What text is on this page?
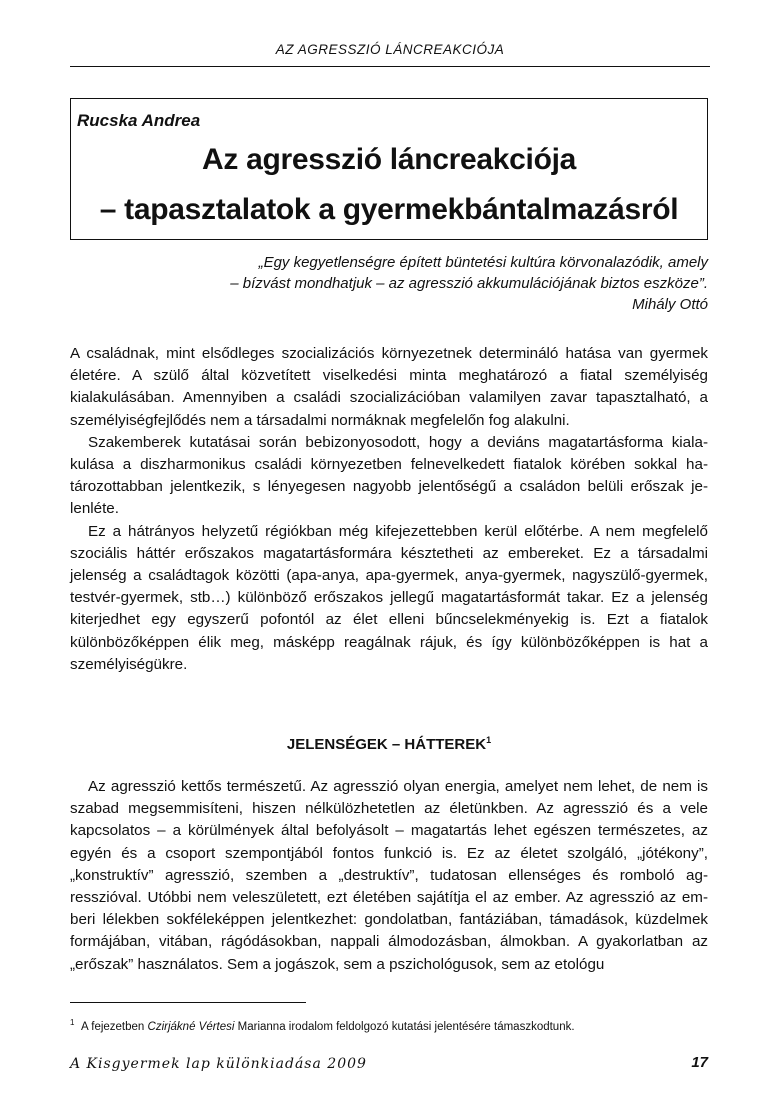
AZ AGRESSZIÓ LÁNCREAKCIÓJA
Rucska Andrea
Az agresszió láncreakciója
– tapasztalatok a gyermekbántalmazásról
„Egy kegyetlenségre épített büntetési kultúra körvonalazódik, amely
– bízvást mondhatjuk – az agresszió akkumulációjának biztos eszköze”.
Mihály Ottó

A családnak, mint elsődleges szocializációs környezetnek determináló hatása van gyermek életére. A szülő által közvetített viselkedési minta meghatározó a fiatal személyiség kialakulásában. Amennyiben a családi szocializációban valamilyen zavar tapasztalható, a személyiségfejlődés nem a társadalmi normáknak megfelelőn fog alakulni.

Szakemberek kutatásai során bebizonyosodott, hogy a deviáns magatartásforma kialakulása a diszharmonikus családi környezetben felnevelkedett fiatalok körében sokkal határozottabban jelentkezik, s lényegesen nagyobb jelentőségű a családon belüli erőszak jelenléte.

Ez a hátrányos helyzetű régiókban még kifejezettebben kerül előtérbe. A nem megfelelő szociális háttér erőszakos magatartásformára késztetheti az embereket. Ez a társadalmi jelenség a családtagok közötti (apa-anya, apa-gyermek, anya-gyermek, nagyszülő-gyermek, testvér-gyermek, stb…) különböző erőszakos jellegű magatartásformát takar. Ez a jelenség kiterjedhet egy egyszerű pofontól az élet elleni bűncselekményekig is. Ezt a fiatalok különbözőképpen élik meg, másképp reagálnak rájuk, és így különbözőképpen is hat a személyiségükre.

JELENSÉGEK – HÁTTEREK$^1$

Az agresszió kettős természetű. Az agresszió olyan energia, amelyet nem lehet, de nem is szabad megsemmisíteni, hiszen nélkülözhetetlen az életünkben. Az agresszió és a vele kapcsolatos – a körülmények által befolyásolt – magatartás lehet egészen természetes, az egyén és a csoport szempontjából fontos funkció is. Ez az életet szolgáló, „jótékony”, „konstruktív” agresszió, szemben a „destruktív”, tudatosan ellenséges és romboló agresszióval. Utóbbi nem veleszületett, ezt életében sajátítja el az ember. Az agresszió az emberi lélekben sokféleképpen jelentkezhet: gondolatban, fantáziában, támadások, küzdelmek formájában, vitában, rágódásokban, nappali álmodozásban, álmokban. A gyakorlatban az „erőszak” használatos. Sem a jogászok, sem a pszichológusok, sem az etológu

$^1$ A fejezetben Czirjákné Vértesi Marianna irodalom feldolgozó kutatási jelentésére támaszkodtunk.
A Kisgyermek lap különkiadása 2009	17
